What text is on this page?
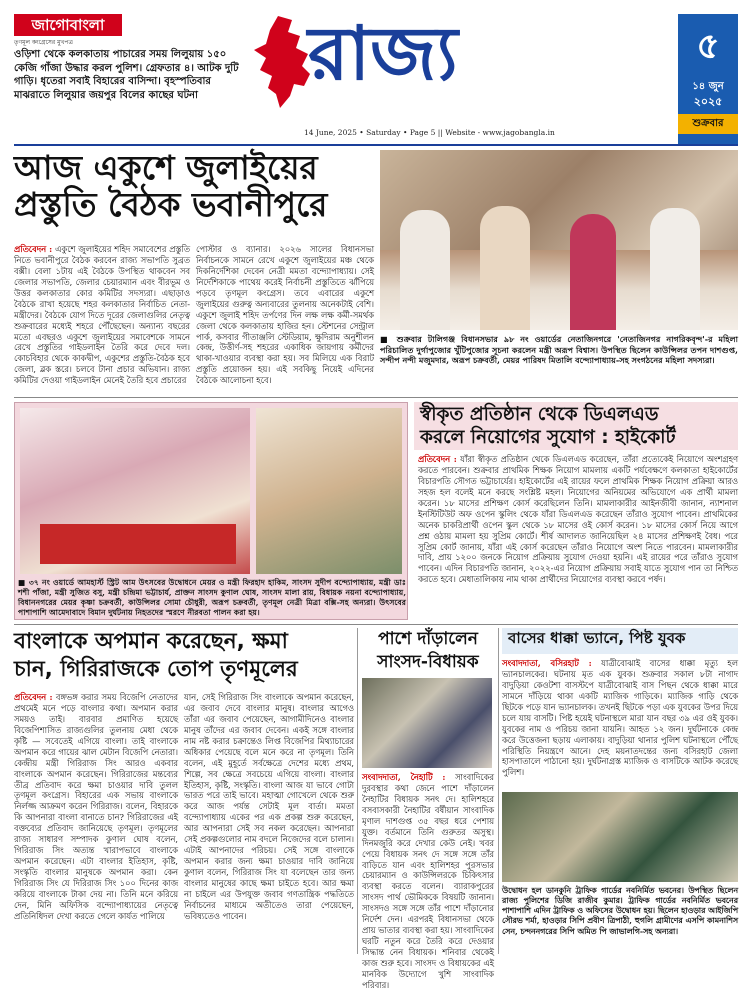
জাগোবাংলা
তৃণমূল কংগ্রেসের মুখপত্র
ওড়িশা থেকে কলকাতায় পাচারের সময় লিলুয়ায় ১৫০ কেজি গাঁজা উদ্ধার করল পুলিশ। গ্রেফতার ৪। আটক দুটি গাড়ি। ধৃতেরা সবাই বিহারের বাসিন্দা। বৃহস্পতিবার মাঝরাতে লিলুয়ার জয়পুর বিলের কাছের ঘটনা	রাজ্য
14 June, 2025 • Saturday • Page 5 || Website - www.jagobangla.in
৫
১৪ জুন
২০২৫
শুক্রবার
আজ একুশে জুলাইয়ের
প্রস্তুতি বৈঠক ভবানীপুরে
প্রতিবেদন : একুশে জুলাইয়ের শহিদ সমাবেশের প্রস্তুতি নিতে ভবানীপুরে বৈঠক করবেন রাজ্য সভাপতি সুব্রত বক্সী। বেলা ১টায় এই বৈঠকে উপস্থিত থাকবেন সব জেলার সভাপতি, জেলার চেয়ারম্যান এবং বীরভূম ও উত্তর কলকাতার কোর কমিটির সদস্যরা। এছাড়াও বৈঠকে রাখা হয়েছে শহর কলকাতার নির্বাচিত নেতা-মন্ত্রীদের। বৈঠকে যোগ দিতে দূরের জেলাগুলির নেতৃত্ব শুক্রবারের মধ্যেই শহরে পৌঁছেছেন। অন্যান্য বছরের মতো এবছরও একুশে জুলাইয়ের সমাবেশকে সামনে রেখে প্রস্তুতির গাইডলাইন তৈরি করে দেবে দল। কোচবিহার থেকে কাকদ্বীপ, একুশের প্রস্তুতি-বৈঠক হবে জেলা, ব্লক স্তরে। চলবে টানা প্রচার অভিযান। রাজ্য কমিটির দেওয়া গাইডলাইন মেনেই তৈরি হবে প্রচারের
পোস্টার ও ব্যানার। ২০২৬ সালের বিধানসভা নির্বাচনকে সামনে রেখে একুশে জুলাইয়ের মঞ্চ থেকে দিকনির্দেশিকা দেবেন নেত্রী মমতা বন্দ্যোপাধ্যায়। সেই নির্দেশিকাকে পাথেয় করেই নির্বাচনী প্রস্তুতিতে ঝাঁপিয়ে পড়বে তৃণমূল কংগ্রেস। তবে এবারের একুশে জুলাইয়ের গুরুত্ব অন্যবারের তুলনায় অনেকটাই বেশি। একুশে জুলাই শহিদ তর্পণের দিন লক্ষ লক্ষ কর্মী-সমর্থক জেলা থেকে কলকাতায় হাজির হন। স্টেশনের সেন্ট্রাল পার্ক, কসবার গীতাঞ্জলি স্টেডিয়াম, ক্ষুদিরাম অনুশীলন কেন্দ্র, উত্তীর্ণ-সহ শহরের একাধিক জায়গায় কর্মীদের থাকা-খাওয়ার ব্যবস্থা করা হয়। সব মিলিয়ে এক বিরাট প্রস্তুতি প্রয়োজন হয়। এই সবকিছু নিয়েই এদিনের বৈঠকে আলোচনা হবে।
■ শুক্রবার টালিগঞ্জ বিধানসভার ৯৮ নং ওয়ার্ডের নেতাজিনগরে 'নেতাজিনগর নাগরিকবৃন্দ'-র মহিলা পরিচালিত দুর্গাপুজোর খুঁটিপুজোর সূচনা করলেন মন্ত্রী অরূপ বিশ্বাস। উপস্থিত ছিলেন কাউন্সিলর তপন দাশগুপ্ত, সন্দীপ নন্দী মজুমদার, অরূপ চক্রবর্তী, মেয়র পারিষদ মিতালি বন্দ্যোপাধ্যায়-সহ সংগঠনের মহিলা সদস্যরা।
■ ৩৭ নং ওয়ার্ডে আমহার্স্ট স্ট্রিট আম উৎসবের উদ্বোধনে মেয়র ও মন্ত্রী ফিরহাদ হাকিম, সাংসদ সুদীপ বন্দ্যোপাধ্যায়, মন্ত্রী ডাঃ শশী পাঁজা, মন্ত্রী সুজিত বসু, মন্ত্রী চন্দ্রিমা ভট্টাচার্য, প্রাক্তন সাংসদ কুণাল ঘোষ, সাংসদ মালা রায়, বিধায়ক নয়না বন্দ্যোপাধ্যায়, বিধাননগরের মেয়র কৃষ্ণা চক্রবর্তী, কাউন্সিলর সোমা চৌধুরী, অরূপ চক্রবর্তী, তৃণমূল নেত্রী মিত্রা বক্সি-সহ অন্যরা। উৎসবের পাশাপাশি আমেদাবাদে বিমান দুর্ঘটনায় নিহতদের স্মরণে নীরবতা পালন করা হয়।
স্বীকৃত প্রতিষ্ঠান থেকে ডিএলএড
করলে নিয়োগের সুযোগ : হাইকোর্ট
প্রতিবেদন : যাঁরা স্বীকৃত প্রতিষ্ঠান থেকে ডিএলএড করেছেন, তাঁরা প্রত্যেকেই নিয়োগে অংশগ্রহণ করতে পারবেন। শুক্রবার প্রাথমিক শিক্ষক নিয়োগ মামলায় একটি পর্যবেক্ষণে কলকাতা হাইকোর্টের বিচারপতি সৌগত ভট্টাচার্যের। হাইকোর্টের এই রায়ের ফলে প্রাথমিক শিক্ষক নিয়োগ প্রক্রিয়া আরও সহজ হল বলেই মনে করছে সংশ্লিষ্ট মহল। নিয়োগের অনিয়মের অভিযোগে এক প্রার্থী মামলা করেন। ১৮ মাসের প্রশিক্ষণ কোর্স করেছিলেন তিনি। মামলাকারীর আইনজীবী জানান, ন্যাশনাল ইনস্টিটিউট অফ ওপেন স্কুলিং থেকে যাঁরা ডিএলএড করেছেন তাঁরাও সুযোগ পাবেন। প্রাথমিকের অনেক চাকরিপ্রার্থী ওপেন স্কুল থেকে ১৮ মাসের ওই কোর্স করেন। ১৮ মাসের কোর্স নিয়ে আগে প্রশ্ন ওঠায় মামলা হয় সুপ্রিম কোর্টে। শীর্ষ আদালত জানিয়েছিল ২৪ মাসের প্রশিক্ষণই বৈধ। পরে সুপ্রিম কোর্ট জানায়, যাঁরা এই কোর্স করেছেন তাঁরাও নিয়োগে অংশ নিতে পারবেন। মামলাকারীর দাবি, প্রায় ১২০০ জনকে নিয়োগ প্রক্রিয়ায় সুযোগ দেওয়া হয়নি। এই রায়ের পরে তাঁরাও সুযোগ পাবেন। এদিন বিচারপতি জানান, ২০২২-এর নিয়োগ প্রক্রিয়ায় সবাই যাতে সুযোগ পান তা নিশ্চিত করতে হবে। মেধাতালিকায় নাম থাকা প্রার্থীদের নিয়োগের ব্যবস্থা করবে পর্ষদ।
বাংলাকে অপমান করেছেন, ক্ষমা
চান, গিরিরাজকে তোপ তৃণমূলের
প্রতিবেদন : বঙ্গভঙ্গ করার সময় বিজেপি নেতাদের প্রথমেই মনে পড়ে বাংলার কথা। অপমান করার সময়ও তাই। বারবার প্রমাণিত হয়েছে বিজেপিশাসিত রাজ্যগুলির তুলনায় মেধা থেকে কৃষ্টি — সবেতেই এগিয়ে বাংলা। তাই বাংলাকে অপমান করে গায়ের ঝাল মেটান বিজেপি নেতারা। কেন্দ্রীয় মন্ত্রী গিরিরাজ সিং আরও একবার বাংলাকে অপমান করেছেন। গিরিরাজের মন্তব্যের তীব্র প্রতিবাদ করে ক্ষমা চাওয়ার দাবি তুলল তৃণমূল কংগ্রেস। বিহারের এক সভায় বাংলাকে নির্লজ্জ আক্রমণ করেন গিরিরাজ। বলেন, বিহারকে কি আপনারা বাংলা বানাতে চান? গিরিরাজের এই বক্তব্যের প্রতিবাদ জানিয়েছে তৃণমূল। তৃণমূলের রাজ্য সাধারণ সম্পাদক কুণাল ঘোষ বলেন, গিরিরাজ সিং অত্যন্ত খারাপভাবে বাংলাকে অপমান করেছেন। এটা বাংলার ইতিহাস, কৃষ্টি, সংস্কৃতি বাংলার মানুষকে অপমান করা। কেন গিরিরাজ সিং যে দিরিরাজ সিং ১০০ দিনের কাজ করিয়ে বাংলাকে টাকা দেয় না। তিনি মনে করিয়ে দেন, মিনি অফিসিক বন্দ্যোপাধ্যায়ের নেতৃত্বে প্রতিনিধিদল দেখা করতে গেলে কার্যত পালিয়ে
যান, সেই গিরিরাজ সিং বাংলাকে অপমান করেছেন, এর জবাব দেবে বাংলার মানুষ। বাংলার আগেও তাঁরা এর জবাব পেয়েছেন, আগামীদিনেও বাংলার মানুষ তাঁদের এর জবাব দেবেন। একই সঙ্গে বাংলার নাম নষ্ট করার চক্রান্তেও লিপ্ত বিজেপির মিথ্যাচারের অধিকার পেয়েছে বলে মনে করে না তৃণমূল। তিনি বলেন, এই মুহূর্তে সর্বক্ষেত্রে দেশের মধ্যে প্রথম, শিল্পে, সব ক্ষেত্রে সবচেয়ে এগিয়ে বাংলা। বাংলার ইতিহাস, কৃষ্টি, সংস্কৃতি। বাংলা আজ যা ভাবে গোটা ভারত পরে তাই ভাবে। মহাত্মা গোখেলে থেকে শুরু করে আজ পর্যন্ত সেটাই মূল বার্তা। মমতা বন্দ্যোপাধ্যায় একের পর এক প্রকল্প শুরু করেছেন, আর আপনারা সেই সব নকল করেছেন। আপনারা সেই প্রকল্পগুলোর নাম বদলে নিজেদের বলে চালান। এটাই আপনাদের পরিচয়। সেই সঙ্গে বাংলাকে অপমান করার জন্য ক্ষমা চাওয়ার দাবি জানিয়ে কুণাল বলেন, গিরিরাজ সিং যা বলেছেন তার জন্য বাংলার মানুষের কাছে ক্ষমা চাইতে হবে। আর ক্ষমা না চাইলে এর উপযুক্ত জবাব গণতান্ত্রিক পদ্ধতিতে নির্বাচনের মাধ্যমে অতীতেও তারা পেয়েছেন, ভবিষ্যতেও পাবেন।
পাশে দাঁড়ালেন
সাংসদ-বিধায়ক
সংবাদদাতা, নৈহাটি : সাংবাদিকের দুরবস্থার কথা জেনে পাশে দাঁড়ালেন নৈহাটির বিধায়ক সনৎ দে। হালিশহরে বসবাসকারী নৈহাটির বর্ষীয়ান সাংবাদিক মৃণাল দাশগুপ্ত ৩৫ বছর ধরে পেশায় যুক্ত। বর্তমানে তিনি গুরুতর অসুস্থ। দিনমজুরি করে দেখার কেউ নেই। খবর পেয়ে বিধায়ক সনৎ দে সঙ্গে সঙ্গে তাঁর বাড়িতে যান এবং হালিশহর পুরসভার চেয়ারম্যান ও কাউন্সিলরকে চিকিৎসার ব্যবস্থা করতে বলেন। ব্যারাকপুরের সাংসদ পার্থ ভৌমিককে বিষয়টি জানান। সাংসদও সঙ্গে সঙ্গে তাঁর পাশে দাঁড়ানোর নির্দেশ দেন। এরপরই বিধানসভা থেকে প্রায় ভাতার ব্যবস্থা করা হয়। সাংবাদিকের ঘরটি নতুন করে তৈরি করে দেওয়ার সিদ্ধান্ত নেন বিধায়ক। শনিবার থেকেই কাজ শুরু হবে। সাংসদ ও বিধায়কের এই মানবিক উদ্যোগে খুশি সাংবাদিক পরিবার।
বাসের ধাক্কা ভ্যানে, পিষ্ট যুবক
সংবাদদাতা, বসিরহাট : যাত্রীবোঝাই বাসের ধাক্কা মৃত্যু হল ভ্যানচালকের। ঘটনায় মৃত এক যুবক। শুক্রবার সকাল ৮টা নাগাদ বাদুড়িয়া কেওটশা বাসস্টপে যাত্রীবোঝাই বাস পিছন থেকে ধাক্কা মারে সামনে দাঁড়িয়ে থাকা একটি ম্যাজিক গাড়িকে। ম্যাজিক গাড়ি থেকে ছিটকে পড়ে যান ভ্যানচালক। তখনই ছিটকে পড়া এক যুবকের উপর দিয়ে চলে যায় বাসটি। পিষ্ট হয়েই ঘটনাস্থলে মারা যান বছর ৩৯ এর ওই যুবক। যুবকের নাম ও পরিচয় জানা যায়নি। আহত ১২ জন। দুর্ঘটনাকে কেন্দ্র করে উত্তেজনা ছড়ায় এলাকায়। বাদুড়িয়া থানার পুলিশ ঘটনাস্থলে পৌঁছে পরিস্থিতি নিয়ন্ত্রণে আনে। দেহ ময়নাতদন্তের জন্য বসিরহাট জেলা হাসপাতালে পাঠানো হয়। দুর্ঘটনাগ্রস্ত ম্যাজিক ও বাসটিকে আটক করেছে পুলিশ।
উদ্বোধন হল ডানকুনি ট্রাফিক গার্ডের নবনির্মিত ভবনের। উপস্থিত ছিলেন রাজ্য পুলিশের ডিজি রাজীব কুমার। ট্রাফিক গার্ডের নবনির্মিত ভবনের পাশাপাশি এদিন ট্রাফিক ও অফিসের উদ্বোধন হয়। ছিলেন হাওড়ার আইজিপি সৌরভ শর্মা, হাওড়ার সিপি প্রবীণ ত্রিপাঠী, হুগলি গ্রামীণের এসপি কামনাশিস সেন, চন্দননগরের সিপি অমিত পি জাভালগি-সহ অন্যরা।
